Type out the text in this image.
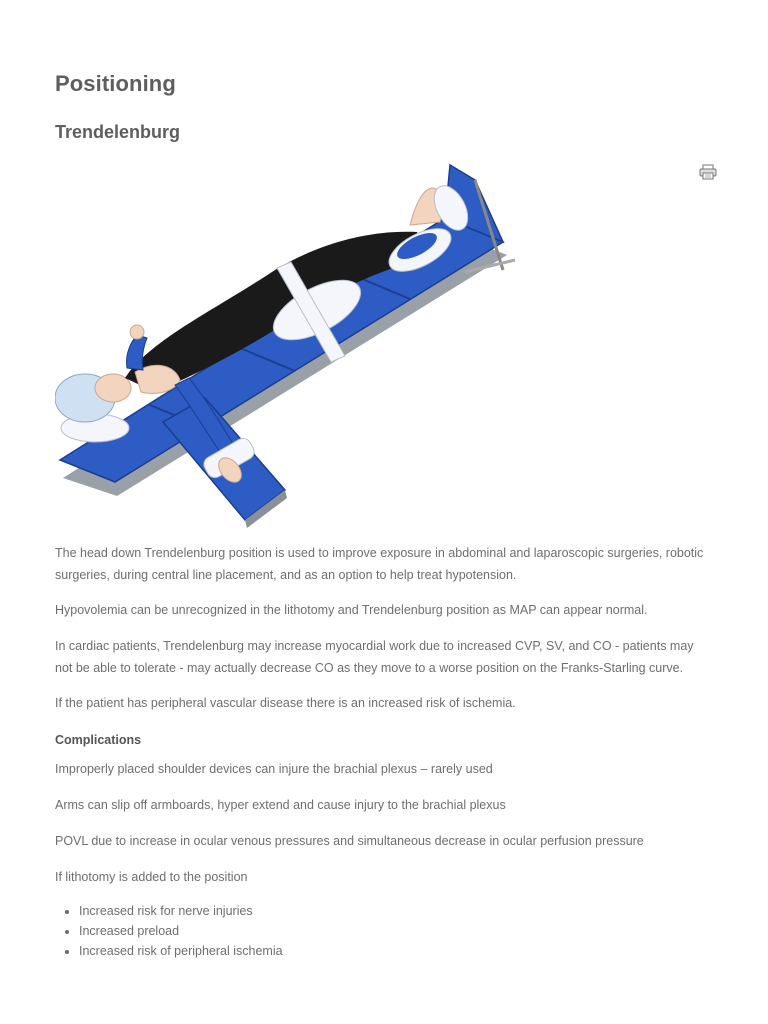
Positioning
Trendelenburg

The head down Trendelenburg position is used to improve exposure in abdominal and laparoscopic surgeries, robotic surgeries, during central line placement, and as an option to help treat hypotension.

Hypovolemia can be unrecognized in the lithotomy and Trendelenburg position as MAP can appear normal.

In cardiac patients, Trendelenburg may increase myocardial work due to increased CVP, SV, and CO - patients may not be able to tolerate - may actually decrease CO as they move to a worse position on the Franks-Starling curve.

If the patient has peripheral vascular disease there is an increased risk of ischemia.

Complications

Improperly placed shoulder devices can injure the brachial plexus – rarely used

Arms can slip off armboards, hyper extend and cause injury to the brachial plexus

POVL due to increase in ocular venous pressures and simultaneous decrease in ocular perfusion pressure

If lithotomy is added to the position

• Increased risk for nerve injuries
• Increased preload
• Increased risk of peripheral ischemia
